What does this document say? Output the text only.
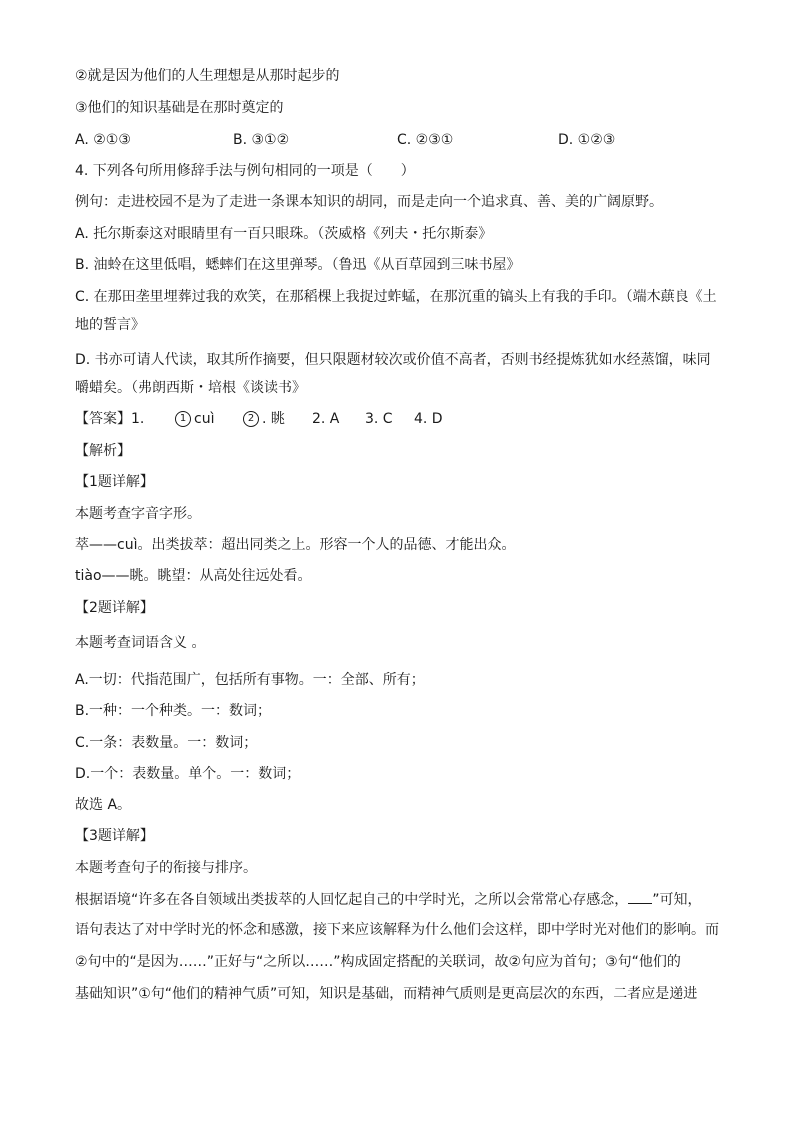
②就是因为他们的人生理想是从那时起步的
③他们的知识基础是在那时奠定的
A. ②①③	B. ③①②	C. ②③①	D. ①②③
4. 下列各句所用修辞手法与例句相同的一项是（　　）
例句：走进校园不是为了走进一条课本知识的胡同，而是走向一个追求真、善、美的广阔原野。
A. 托尔斯泰这对眼睛里有一百只眼珠。（茨威格《列夫・托尔斯泰》
B. 油蛉在这里低唱，蟋蟀们在这里弹琴。（鲁迅《从百草园到三味书屋》
C. 在那田垄里埋葬过我的欢笑，在那稻棵上我捉过蚱蜢，在那沉重的镐头上有我的手印。（端木蕻良《土
地的誓言》
D. 书亦可请人代读，取其所作摘要，但只限题材较次或价值不高者，否则书经提炼犹如水经蒸馏，味同
嚼蜡矣。（弗朗西斯・培根《谈读书》
【答案】 1.	1 cuì	2 . 眺 2. A 3. C 4. D
【解析】
【1题详解】
本题考查字音字形。
萃——cuì。出类拔萃：超出同类之上。形容一个人的品德、才能出众。
tiào——眺。眺望：从高处往远处看。
【2题详解】
本题考查词语含义 。
A.一切：代指范围广，包括所有事物。一：全部、所有；
B.一种：一个种类。一：数词；
C.一条：表数量。一：数词；
D.一个：表数量。单个。一：数词；
故选 A。
【3题详解】
本题考查句子的衔接与排序。
根据语境“许多在各自领域出类拔萃的人回忆起自己的中学时光，之所以会常常心存感念， ”可知，
语句表达了对中学时光的怀念和感激，接下来应该解释为什么他们会这样，即中学时光对他们的影响。而
②句中的“是因为……”正好与“之所以……”构成固定搭配的关联词，故②句应为首句；③句“他们的
基础知识”①句“他们的精神气质”可知，知识是基础，而精神气质则是更高层次的东西，二者应是递进
